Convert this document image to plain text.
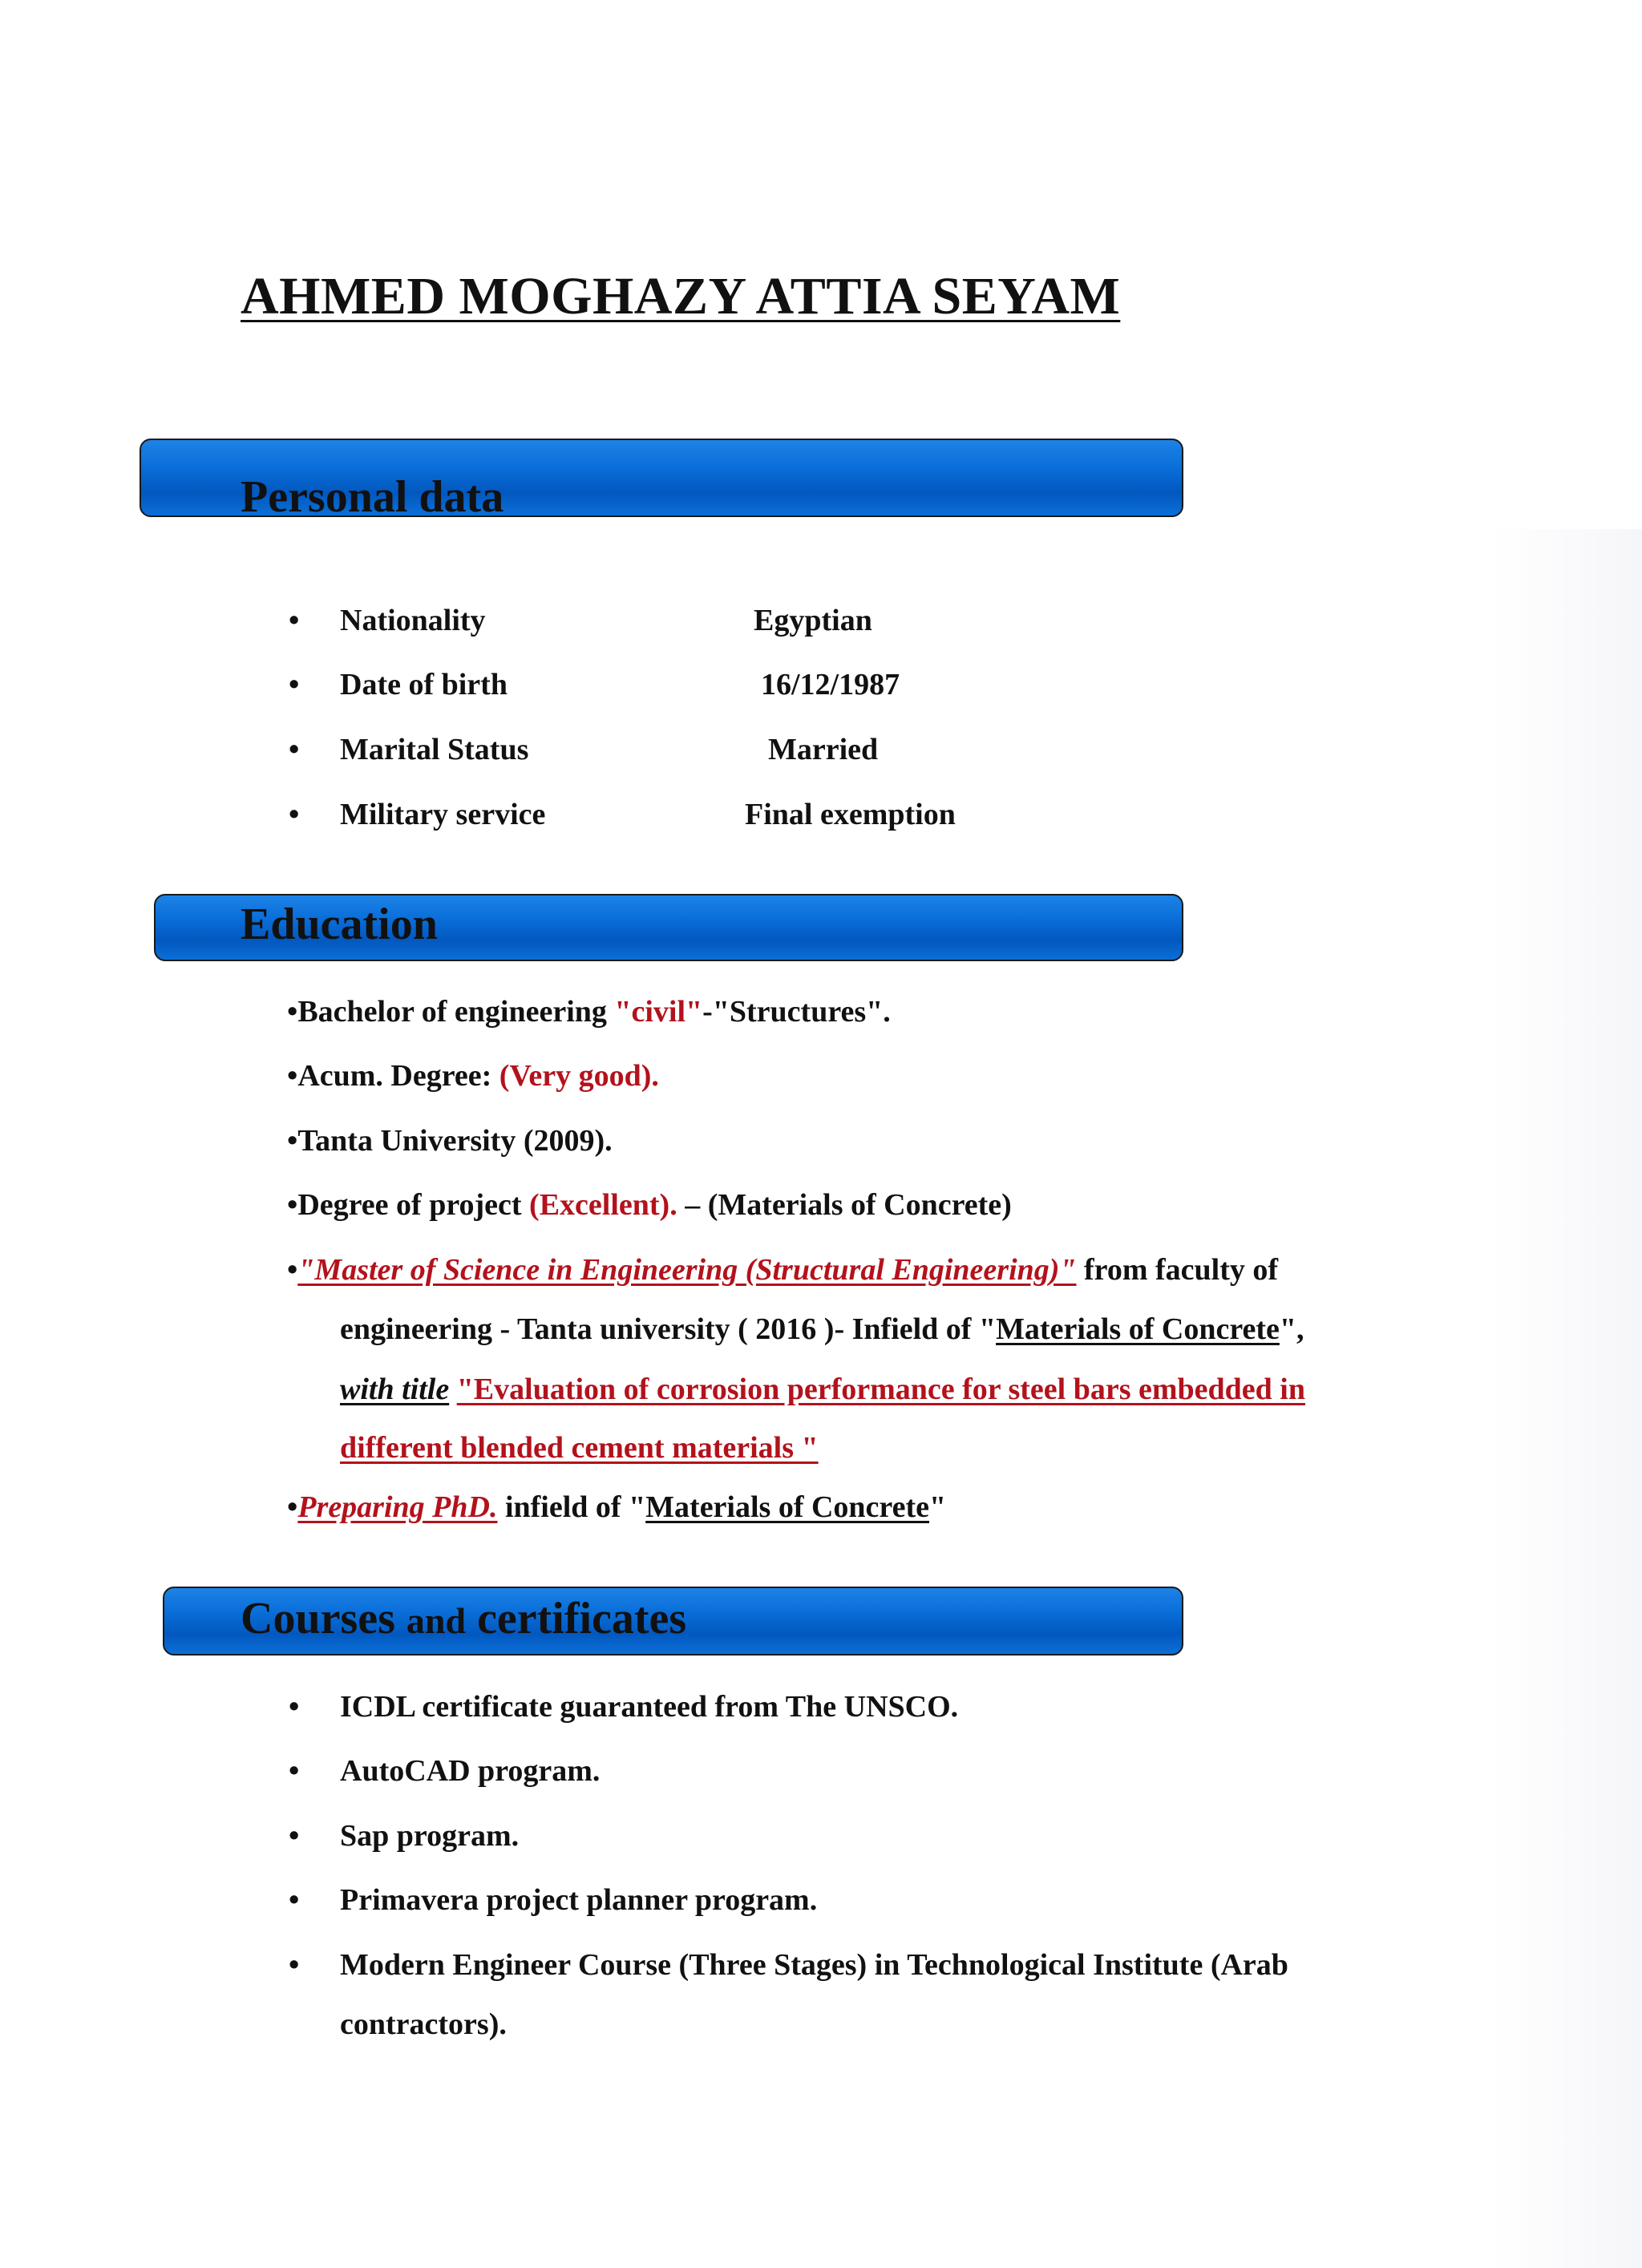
AHMED MOGHAZY ATTIA SEYAM
Personal data
• Nationality	Egyptian
• Date of birth	16/12/1987
• Marital Status	Married
• Military service	Final exemption
Education
•Bachelor of engineering "civil"-"Structures".
•Acum. Degree: (Very good).
•Tanta University (2009).
•Degree of project (Excellent). – (Materials of Concrete)
•"Master of Science in Engineering (Structural Engineering)" from faculty of
engineering - Tanta university ( 2016 )- Infield of "Materials of Concrete",
with title "Evaluation of corrosion performance for steel bars embedded in
different blended cement materials "
•Preparing PhD. infield of "Materials of Concrete"
Courses and certificates
• ICDL certificate guaranteed from The UNSCO.
• AutoCAD program.
• Sap program.
• Primavera project planner program.
• Modern Engineer Course (Three Stages) in Technological Institute (Arab
contractors).
